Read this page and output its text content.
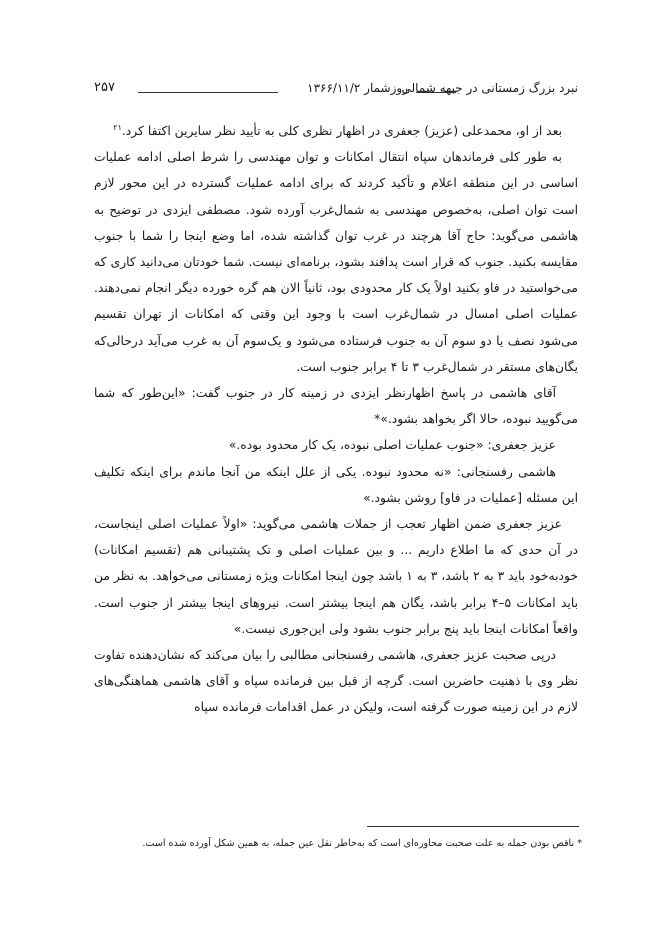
نبرد بزرگ زمستانی در جبهه شمالی
روزشمار ۱۳۶۶/۱۱/۲
۲۵۷

بعد از او، محمدعلی (عزیز) جعفری در اظهار نظری کلی به تأیید نظر سایرین اکتفا کرد.$^{۲۱}$

به طور کلی فرماندهان سپاه انتقال امکانات و توان مهندسی را شرط اصلی ادامه عملیات اساسی در این منطقه اعلام و تأکید کردند که برای ادامه عملیات گسترده در این محور لازم است توان اصلی، به‌خصوص مهندسی به شمال‌غرب آورده شود. مصطفی ایزدی در توضیح به هاشمی می‌گوید: حاج آقا هرچند در غرب توان گذاشته شده، اما وضع اینجا را شما با جنوب مقایسه بکنید. جنوب که قرار است پدافند بشود، برنامه‌ای نیست. شما خودتان می‌دانید کاری که می‌خواستید در فاو بکنید اولاً یک کار محدودی بود، ثانیاً الان هم گره خورده دیگر انجام نمی‌دهند. عملیات اصلی امسال در شمال‌غرب است با وجود این وقتی که امکانات از تهران تقسیم می‌شود نصف یا دو سوم آن به جنوب فرستاده می‌شود و یک‌سوم آن به غرب می‌آید درحالی‌که یگان‌های مستقر در شمال‌غرب ۳ تا ۴ برابر جنوب است.

آقای هاشمی در پاسخ اظهارنظر ایزدی در زمینه کار در جنوب گفت: «این‌طور که شما می‌گویید نبوده، حالا اگر بخواهد بشود.»*

عزیز جعفری: «جنوب عملیات اصلی نبوده، یک کار محدود بوده.»

هاشمی رفسنجانی: «نه محدود نبوده. یکی از علل اینکه من آنجا ماندم برای اینکه تکلیف این مسئله [عملیات در فاو] روشن بشود.»

عزیز جعفری ضمن اظهار تعجب از جملات هاشمی می‌گوید: «اولاً عملیات اصلی اینجاست، در آن حدی که ما اطلاع داریم ... و بین عملیات اصلی و تک پشتیبانی هم (تقسیم امکانات) خودبه‌خود باید ۳ به ۲ باشد، ۳ به ۱ باشد چون اینجا امکانات ویژه زمستانی می‌خواهد. به نظر من باید امکانات ۵–۴ برابر باشد، یگان هم اینجا بیشتر است. نیروهای اینجا بیشتر از جنوب است. واقعاً امکانات اینجا باید پنج برابر جنوب بشود ولی این‌جوری نیست.»

درپی صحبت عزیز جعفری، هاشمی رفسنجانی مطالبی را بیان می‌کند که نشان‌دهنده تفاوت نظر وی با ذهنیت حاضرین است. گرچه از قبل بین فرمانده سپاه و آقای هاشمی هماهنگی‌های لازم در این زمینه صورت گرفته است، ولیکن در عمل اقدامات فرمانده سپاه

* ناقص بودن جمله به علت صحبت محاوره‌ای است که به‌خاطر نقل عین جمله، به همین شکل آورده شده است.
